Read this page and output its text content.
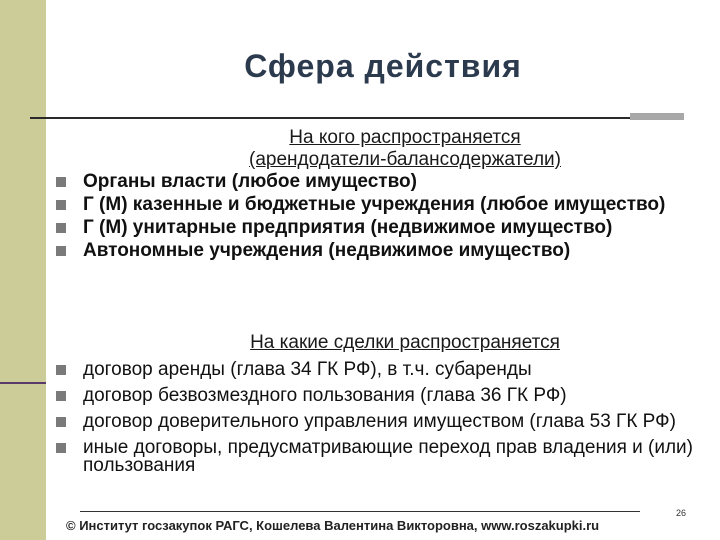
Сфера действия
На кого распространяется
(арендодатели-балансодержатели)
Органы власти (любое имущество)
Г (М) казенные и бюджетные учреждения (любое имущество)
Г (М) унитарные предприятия (недвижимое имущество)
Автономные учреждения (недвижимое имущество)
На какие сделки распространяется
договор аренды (глава 34 ГК РФ), в т.ч. субаренды
договор безвозмездного пользования (глава 36 ГК РФ)
договор доверительного управления имуществом (глава 53 ГК РФ)
иные договоры, предусматривающие переход прав владения и (или) пользования
© Институт госзакупок РАГС, Кошелева Валентина Викторовна, www.roszakupki.ru
26
